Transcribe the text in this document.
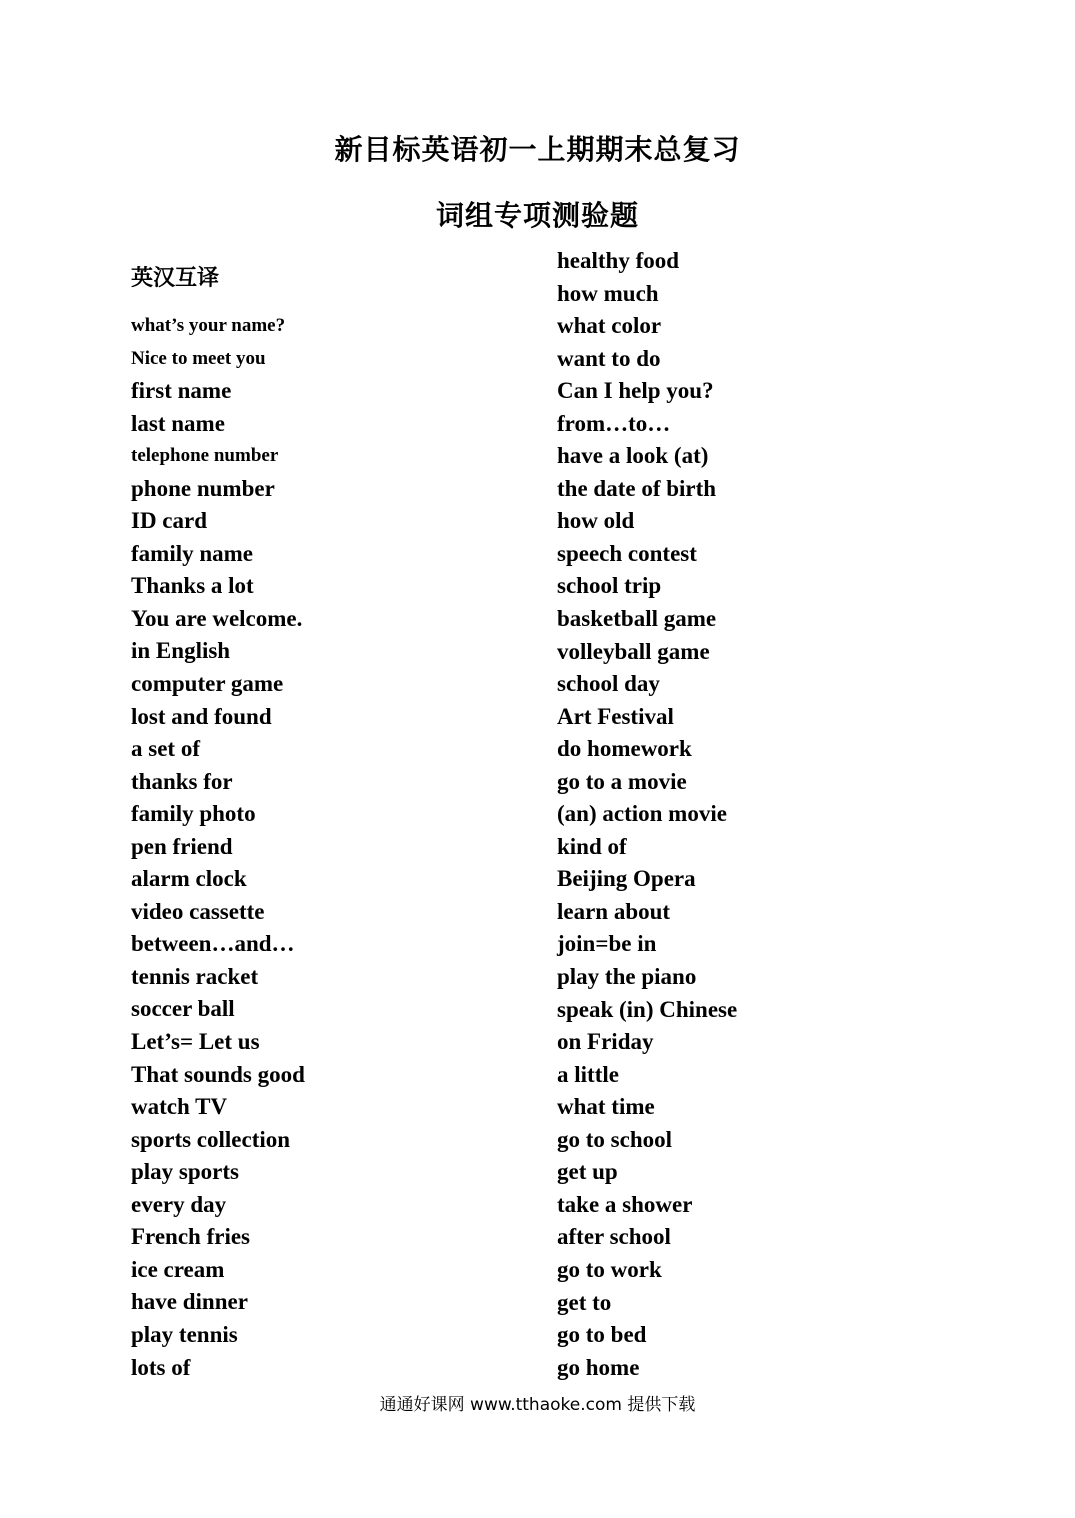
新目标英语初一上期期末总复习
词组专项测验题
英汉互译
what’s your name?
Nice to meet you
first name
last name
telephone number
phone number
ID card
family name
Thanks a lot
You are welcome.
in English
computer game
lost and found
a set of
thanks for
family photo
pen friend
alarm clock
video cassette
between…and…
tennis racket
soccer ball
Let’s= Let us
That sounds good
watch TV
sports collection
play sports
every day
French fries
ice cream
have dinner
play tennis
lots of
healthy food
how much
what color
want to do
Can I help you?
from…to…
have a look (at)
the date of birth
how old
speech contest
school trip
basketball game
volleyball game
school day
Art Festival
do homework
go to a movie
(an) action movie
kind of
Beijing Opera
learn about
join=be in
play the piano
speak (in) Chinese
on Friday
a little
what time
go to school
get up
take a shower
after school
go to work
get to
go to bed
go home
通通好课网 www.tthaoke.com 提供下载
